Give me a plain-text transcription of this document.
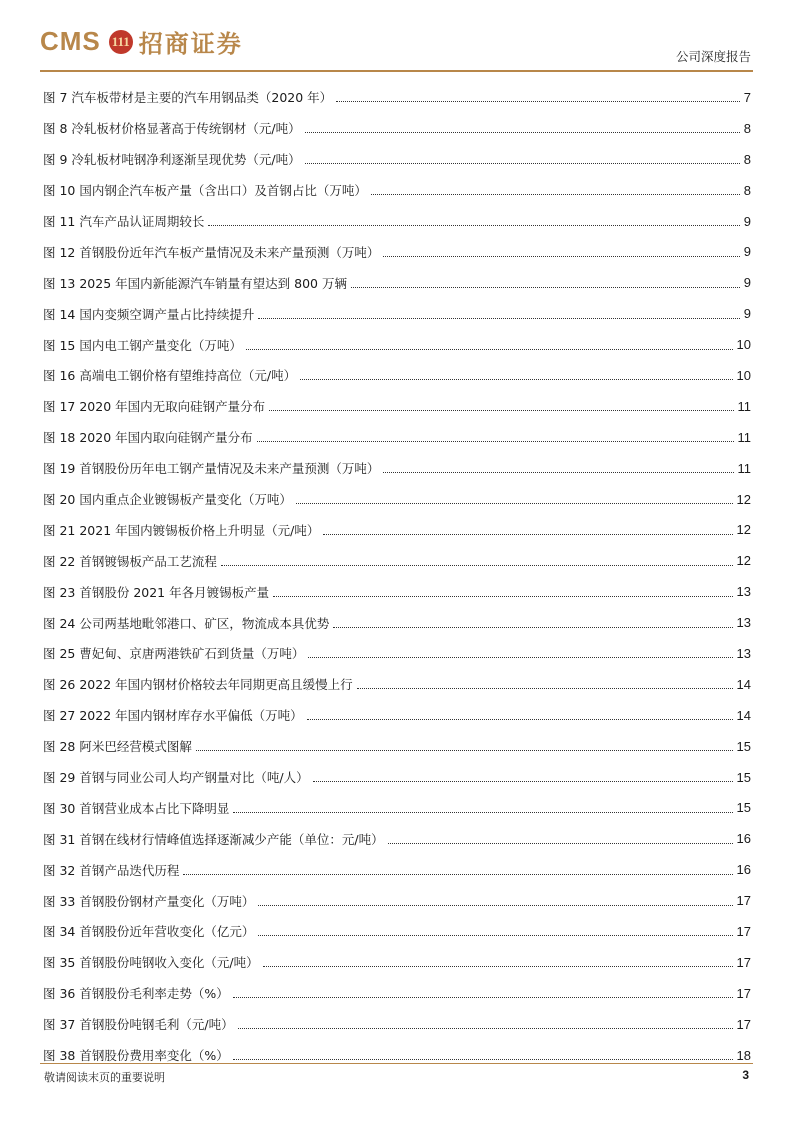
CMS 111 招商证券	公司深度报告
图 7 汽车板带材是主要的汽车用钢品类（2020 年）	7
图 8 冷轧板材价格显著高于传统钢材（元/吨）	8
图 9 冷轧板材吨钢净利逐渐呈现优势（元/吨）	8
图 10 国内钢企汽车板产量（含出口）及首钢占比（万吨）	8
图 11 汽车产品认证周期较长	9
图 12 首钢股份近年汽车板产量情况及未来产量预测（万吨）	9
图 13 2025 年国内新能源汽车销量有望达到 800 万辆	9
图 14 国内变频空调产量占比持续提升	9
图 15 国内电工钢产量变化（万吨）	10
图 16 高端电工钢价格有望维持高位（元/吨）	10
图 17 2020 年国内无取向硅钢产量分布	11
图 18 2020 年国内取向硅钢产量分布	11
图 19 首钢股份历年电工钢产量情况及未来产量预测（万吨）	11
图 20 国内重点企业镀锡板产量变化（万吨）	12
图 21 2021 年国内镀锡板价格上升明显（元/吨）	12
图 22 首钢镀锡板产品工艺流程	12
图 23 首钢股份 2021 年各月镀锡板产量	13
图 24 公司两基地毗邻港口、矿区，物流成本具优势	13
图 25 曹妃甸、京唐两港铁矿石到货量（万吨）	13
图 26 2022 年国内钢材价格较去年同期更高且缓慢上行	14
图 27 2022 年国内钢材库存水平偏低（万吨）	14
图 28 阿米巴经营模式图解	15
图 29 首钢与同业公司人均产钢量对比（吨/人）	15
图 30 首钢营业成本占比下降明显	15
图 31 首钢在线材行情峰值选择逐渐减少产能（单位：元/吨）	16
图 32 首钢产品迭代历程	16
图 33 首钢股份钢材产量变化（万吨）	17
图 34 首钢股份近年营收变化（亿元）	17
图 35 首钢股份吨钢收入变化（元/吨）	17
图 36 首钢股份毛利率走势（%）	17
图 37 首钢股份吨钢毛利（元/吨）	17
图 38 首钢股份费用率变化（%）	18
敬请阅读末页的重要说明	3
